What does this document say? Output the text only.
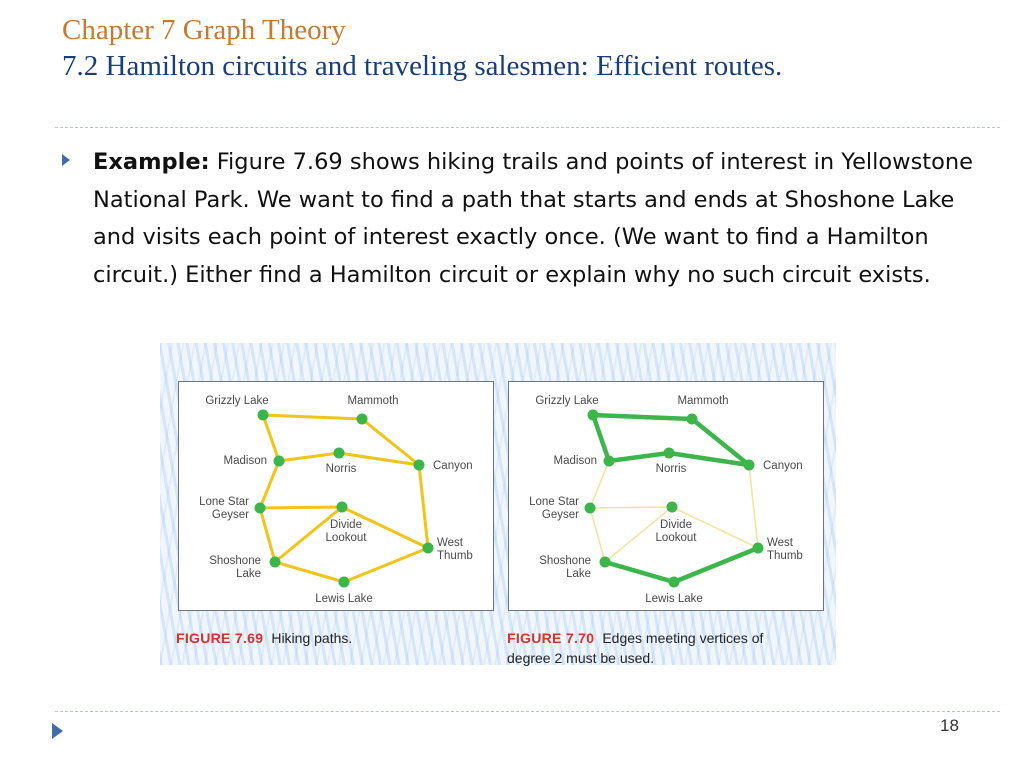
Chapter 7 Graph Theory
7.2 Hamilton circuits and traveling salesmen: Efficient routes.
Example: Figure 7.69 shows hiking trails and points of interest in Yellowstone National Park. We want to find a path that starts and ends at Shoshone Lake and visits each point of interest exactly once. (We want to find a Hamilton circuit.) Either find a Hamilton circuit or explain why no such circuit exists.
Grizzly Lake	Mammoth
Madison
Norris	Canyon
Lone Star
Geyser
Divide
Lookout	West
Thumb
Shoshone
Lake
Lewis Lake
Grizzly Lake	Mammoth
Madison
Norris	Canyon
Lone Star
Geyser
Divide
Lookout	West
Thumb
Shoshone
Lake
Lewis Lake
FIGURE 7.69 Hiking paths.	FIGURE 7.70 Edges meeting vertices of degree 2 must be used.
18
